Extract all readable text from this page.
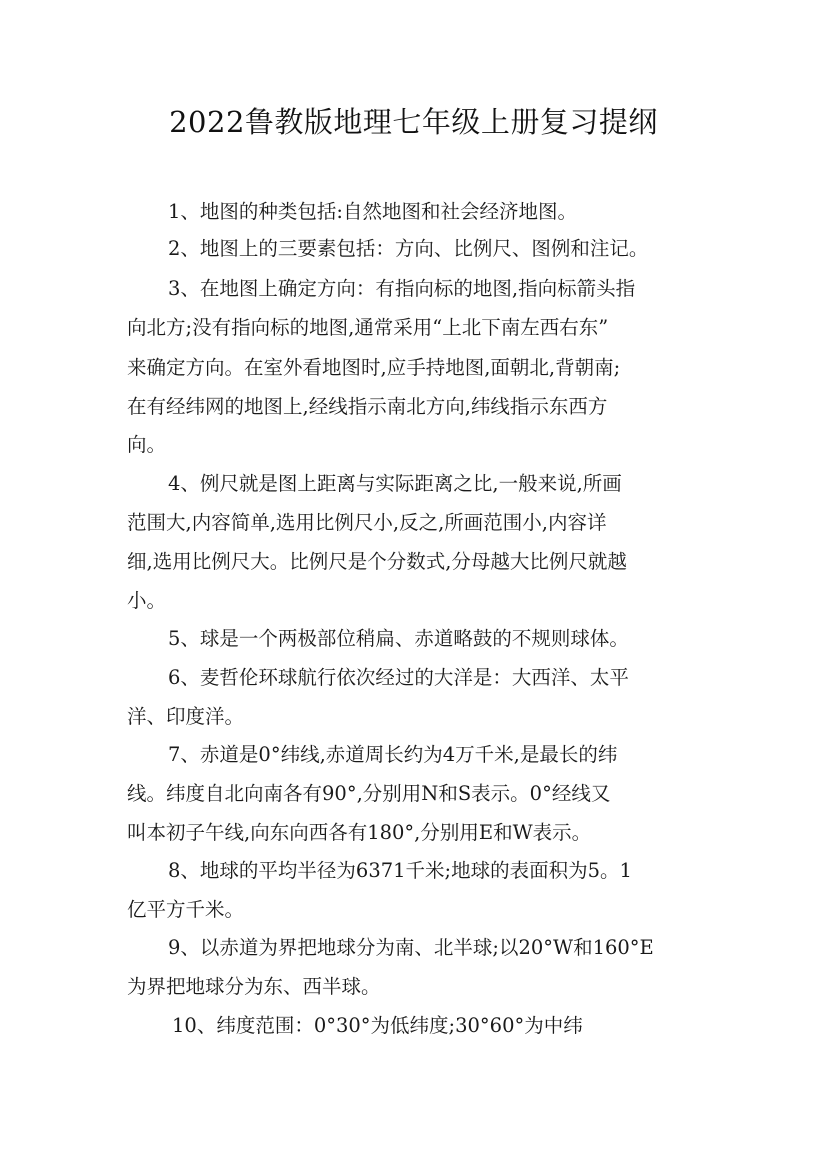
2022鲁教版地理七年级上册复习提纲
1、地图的种类包括:自然地图和社会经济地图。
2、地图上的三要素包括：方向、比例尺、图例和注记。
3、在地图上确定方向：有指向标的地图,指向标箭头指
向北方;没有指向标的地图,通常采用“上北下南左西右东”
来确定方向。在室外看地图时,应手持地图,面朝北,背朝南;
在有经纬网的地图上,经线指示南北方向,纬线指示东西方
向。
4、例尺就是图上距离与实际距离之比,一般来说,所画
范围大,内容简单,选用比例尺小,反之,所画范围小,内容详
细,选用比例尺大。比例尺是个分数式,分母越大比例尺就越
小。
5、球是一个两极部位稍扁、赤道略鼓的不规则球体。
6、麦哲伦环球航行依次经过的大洋是：大西洋、太平
洋、印度洋。
7、赤道是0°纬线,赤道周长约为4万千米,是最长的纬
线。纬度自北向南各有90°,分别用N和S表示。0°经线又
叫本初子午线,向东向西各有180°,分别用E和W表示。
8、地球的平均半径为6371千米;地球的表面积为5。1
亿平方千米。
9、以赤道为界把地球分为南、北半球;以20°W和160°E
为界把地球分为东、西半球。
10、纬度范围：0°30°为低纬度;30°60°为中纬
